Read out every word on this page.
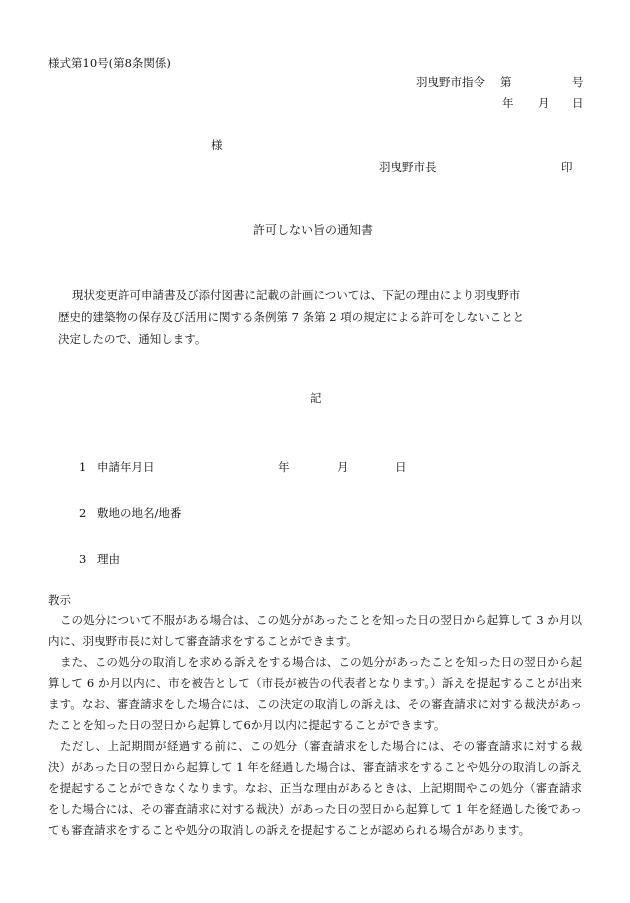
様式第10号(第8条関係)
羽曳野市指令 第	号
年 月 日
様
羽曳野市長	印
許可しない旨の通知書

現状変更許可申請書及び添付図書に記載の計画については、下記の理由により羽曳野市

歴史的建築物の保存及び活用に関する条例第 7 条第 2 項の規定による許可をしないことと

決定したので、通知します。

記
1 申請年月日	年	月	日
2 敷地の地名/地番
3 理由
教示

この処分について不服がある場合は、この処分があったことを知った日の翌日から起算して 3 か月以内に、羽曳野市長に対して審査請求をすることができます。

また、この処分の取消しを求める訴えをする場合は、この処分があったことを知った日の翌日から起算して 6 か月以内に、市を被告として（市長が被告の代表者となります。）訴えを提起することが出来ます。なお、審査請求をした場合には、この決定の取消しの訴えは、その審査請求に対する裁決があったことを知った日の翌日から起算して6か月以内に提起することができます。

ただし、上記期間が経過する前に、この処分（審査請求をした場合には、その審査請求に対する裁決）があった日の翌日から起算して 1 年を経過した場合は、審査請求をすることや処分の取消しの訴えを提起することができなくなります。なお、正当な理由があるときは、上記期間やこの処分（審査請求をした場合には、その審査請求に対する裁決）があった日の翌日から起算して 1 年を経過した後であっても審査請求をすることや処分の取消しの訴えを提起することが認められる場合があります。
